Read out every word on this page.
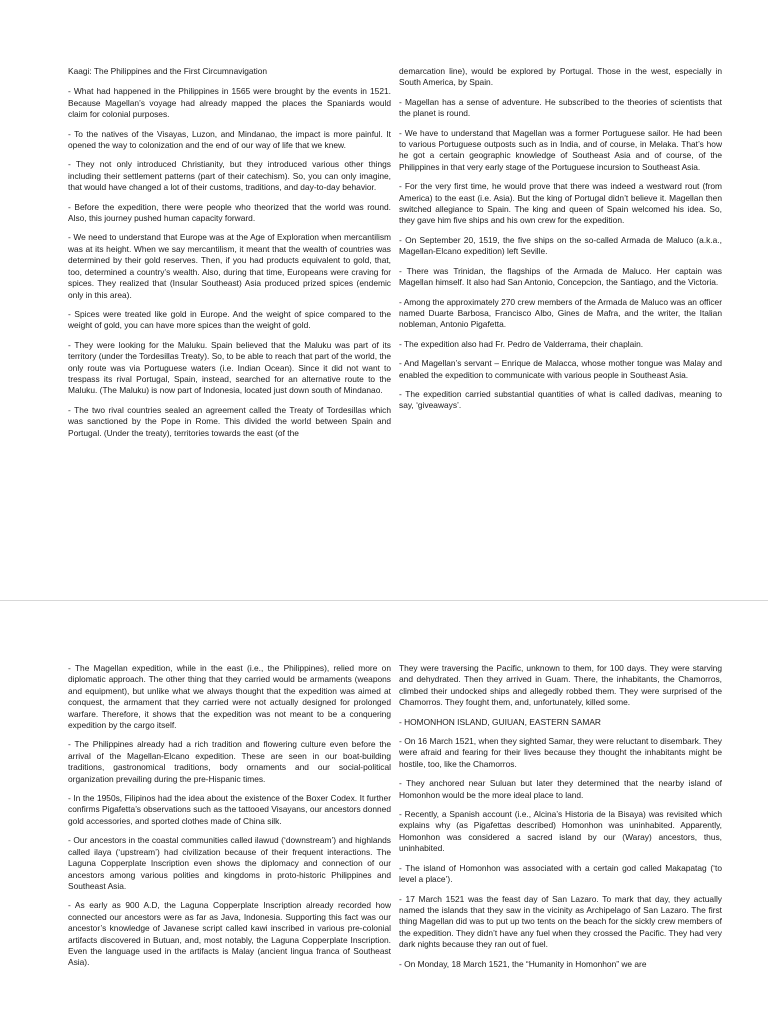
Kaagi: The Philippines and the First Circumnavigation

- What had happened in the Philippines in 1565 were brought by the events in 1521. Because Magellan’s voyage had already mapped the places the Spaniards would claim for colonial purposes.

- To the natives of the Visayas, Luzon, and Mindanao, the impact is more painful. It opened the way to colonization and the end of our way of life that we knew.

- They not only introduced Christianity, but they introduced various other things including their settlement patterns (part of their catechism). So, you can only imagine, that would have changed a lot of their customs, traditions, and day-to-day behavior.

- Before the expedition, there were people who theorized that the world was round. Also, this journey pushed human capacity forward.

- We need to understand that Europe was at the Age of Exploration when mercantilism was at its height. When we say mercantilism, it meant that the wealth of countries was determined by their gold reserves. Then, if you had products equivalent to gold, that, too, determined a country’s wealth. Also, during that time, Europeans were craving for spices. They realized that (Insular Southeast) Asia produced prized spices (endemic only in this area).

- Spices were treated like gold in Europe. And the weight of spice compared to the weight of gold, you can have more spices than the weight of gold.

- They were looking for the Maluku. Spain believed that the Maluku was part of its territory (under the Tordesillas Treaty). So, to be able to reach that part of the world, the only route was via Portuguese waters (i.e. Indian Ocean). Since it did not want to trespass its rival Portugal, Spain, instead, searched for an alternative route to the Maluku. (The Maluku) is now part of Indonesia, located just down south of Mindanao.

- The two rival countries sealed an agreement called the Treaty of Tordesillas which was sanctioned by the Pope in Rome. This divided the world between Spain and Portugal. (Under the treaty), territories towards the east (of the

demarcation line), would be explored by Portugal. Those in the west, especially in South America, by Spain.

- Magellan has a sense of adventure. He subscribed to the theories of scientists that the planet is round.

- We have to understand that Magellan was a former Portuguese sailor. He had been to various Portuguese outposts such as in India, and of course, in Melaka. That’s how he got a certain geographic knowledge of Southeast Asia and of course, of the Philippines in that very early stage of the Portuguese incursion to Southeast Asia.

- For the very first time, he would prove that there was indeed a westward rout (from America) to the east (i.e. Asia). But the king of Portugal didn’t believe it. Magellan then switched allegiance to Spain. The king and queen of Spain welcomed his idea. So, they gave him five ships and his own crew for the expedition.

- On September 20, 1519, the five ships on the so-called Armada de Maluco (a.k.a., Magellan-Elcano expedition) left Seville.

- There was Trinidan, the flagships of the Armada de Maluco. Her captain was Magellan himself. It also had San Antonio, Concepcion, the Santiago, and the Victoria.

- Among the approximately 270 crew members of the Armada de Maluco was an officer named Duarte Barbosa, Francisco Albo, Gines de Mafra, and the writer, the Italian nobleman, Antonio Pigafetta.

- The expedition also had Fr. Pedro de Valderrama, their chaplain.

- And Magellan’s servant – Enrique de Malacca, whose mother tongue was Malay and enabled the expedition to communicate with various people in Southeast Asia.

- The expedition carried substantial quantities of what is called dadivas, meaning to say, ‘giveaways’.

- The Magellan expedition, while in the east (i.e., the Philippines), relied more on diplomatic approach. The other thing that they carried would be armaments (weapons and equipment), but unlike what we always thought that the expedition was aimed at conquest, the armament that they carried were not actually designed for prolonged warfare. Therefore, it shows that the expedition was not meant to be a conquering expedition by the cargo itself.

- The Philippines already had a rich tradition and flowering culture even before the arrival of the Magellan-Elcano expedition. These are seen in our boat-building traditions, gastronomical traditions, body ornaments and our social-political organization prevailing during the pre-Hispanic times.

- In the 1950s, Filipinos had the idea about the existence of the Boxer Codex. It further confirms Pigafetta’s observations such as the tattooed Visayans, our ancestors donned gold accessories, and sported clothes made of China silk.

- Our ancestors in the coastal communities called ilawud (‘downstream’) and highlands called ilaya (‘upstream’) had civilization because of their frequent interactions. The Laguna Copperplate Inscription even shows the diplomacy and connection of our ancestors among various polities and kingdoms in proto-historic Philippines and Southeast Asia.

- As early as 900 A.D, the Laguna Copperplate Inscription already recorded how connected our ancestors were as far as Java, Indonesia. Supporting this fact was our ancestor’s knowledge of Javanese script called kawi inscribed in various pre-colonial artifacts discovered in Butuan, and, most notably, the Laguna Copperplate Inscription. Even the language used in the artifacts is Malay (ancient lingua franca of Southeast Asia).

They were traversing the Pacific, unknown to them, for 100 days. They were starving and dehydrated. Then they arrived in Guam. There, the inhabitants, the Chamorros, climbed their undocked ships and allegedly robbed them. They were surprised of the Chamorros. They fought them, and, unfortunately, killed some.

- HOMONHON ISLAND, GUIUAN, EASTERN SAMAR

- On 16 March 1521, when they sighted Samar, they were reluctant to disembark. They were afraid and fearing for their lives because they thought the inhabitants might be hostile, too, like the Chamorros.

- They anchored near Suluan but later they determined that the nearby island of Homonhon would be the more ideal place to land.

- Recently, a Spanish account (i.e., Alcina’s Historia de la Bisaya) was revisited which explains why (as Pigafettas described) Homonhon was uninhabited. Apparently, Homonhon was considered a sacred island by our (Waray) ancestors, thus, uninhabited.

- The island of Homonhon was associated with a certain god called Makapatag (‘to level a place’).

- 17 March 1521 was the feast day of San Lazaro. To mark that day, they actually named the islands that they saw in the vicinity as Archipelago of San Lazaro. The first thing Magellan did was to put up two tents on the beach for the sickly crew members of the expedition. They didn’t have any fuel when they crossed the Pacific. They had very dark nights because they ran out of fuel.

- On Monday, 18 March 1521, the “Humanity in Homonhon” we are
